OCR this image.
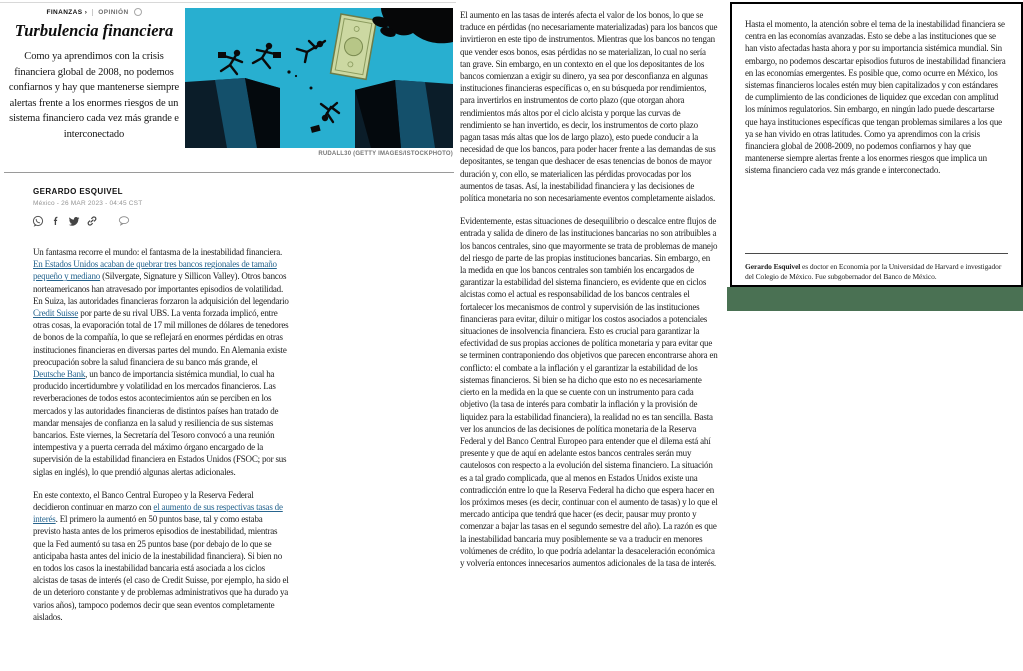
FINANZAS › OPINIÓN
Turbulencia financiera
Como ya aprendimos con la crisis financiera global de 2008, no podemos confiarnos y hay que mantenerse siempre alertas frente a los enormes riesgos de un sistema financiero cada vez más grande e interconectado
RUDALL30 (GETTY IMAGES/ISTOCKPHOTO)
GERARDO ESQUIVEL
México - 26 MAR 2023 - 04:45 CST

Un fantasma recorre el mundo: el fantasma de la inestabilidad financiera. En Estados Unidos acaban de quebrar tres bancos regionales de tamaño pequeño y mediano (Silvergate, Signature y Sillicon Valley). Otros bancos norteamericanos han atravesado por importantes episodios de volatilidad. En Suiza, las autoridades financieras forzaron la adquisición del legendario Credit Suisse por parte de su rival UBS. La venta forzada implicó, entre otras cosas, la evaporación total de 17 mil millones de dólares de tenedores de bonos de la compañía, lo que se reflejará en enormes pérdidas en otras instituciones financieras en diversas partes del mundo. En Alemania existe preocupación sobre la salud financiera de su banco más grande, el Deutsche Bank, un banco de importancia sistémica mundial, lo cual ha producido incertidumbre y volatilidad en los mercados financieros. Las reverberaciones de todos estos acontecimientos aún se perciben en los mercados y las autoridades financieras de distintos países han tratado de mandar mensajes de confianza en la salud y resiliencia de sus sistemas bancarios. Este viernes, la Secretaría del Tesoro convocó a una reunión intempestiva y a puerta cerrada del máximo órgano encargado de la supervisión de la estabilidad financiera en Estados Unidos (FSOC; por sus siglas en inglés), lo que prendió algunas alertas adicionales.

En este contexto, el Banco Central Europeo y la Reserva Federal decidieron continuar en marzo con el aumento de sus respectivas tasas de interés. El primero la aumentó en 50 puntos base, tal y como estaba previsto hasta antes de los primeros episodios de inestabilidad, mientras que la Fed aumentó su tasa en 25 puntos base (por debajo de lo que se anticipaba hasta antes del inicio de la inestabilidad financiera). Si bien no en todos los casos la inestabilidad bancaria está asociada a los ciclos alcistas de tasas de interés (el caso de Credit Suisse, por ejemplo, ha sido el de un deterioro constante y de problemas administrativos que ha durado ya varios años), tampoco podemos decir que sean eventos completamente aislados.

El aumento en las tasas de interés afecta el valor de los bonos, lo que se traduce en pérdidas (no necesariamente materializadas) para los bancos que invirtieron en este tipo de instrumentos. Mientras que los bancos no tengan que vender esos bonos, esas pérdidas no se materializan, lo cual no sería tan grave. Sin embargo, en un contexto en el que los depositantes de los bancos comienzan a exigir su dinero, ya sea por desconfianza en algunas instituciones financieras específicas o, en su búsqueda por rendimientos, para invertirlos en instrumentos de corto plazo (que otorgan ahora rendimientos más altos por el ciclo alcista y porque las curvas de rendimiento se han invertido, es decir, los instrumentos de corto plazo pagan tasas más altas que los de largo plazo), esto puede conducir a la necesidad de que los bancos, para poder hacer frente a las demandas de sus depositantes, se tengan que deshacer de esas tenencias de bonos de mayor duración y, con ello, se materialicen las pérdidas provocadas por los aumentos de tasas. Así, la inestabilidad financiera y las decisiones de política monetaria no son necesariamente eventos completamente aislados.

Evidentemente, estas situaciones de desequilibrio o descalce entre flujos de entrada y salida de dinero de las instituciones bancarias no son atribuibles a los bancos centrales, sino que mayormente se trata de problemas de manejo del riesgo de parte de las propias instituciones bancarias. Sin embargo, en la medida en que los bancos centrales son también los encargados de garantizar la estabilidad del sistema financiero, es evidente que en ciclos alcistas como el actual es responsabilidad de los bancos centrales el fortalecer los mecanismos de control y supervisión de las instituciones financieras para evitar, diluir o mitigar los costos asociados a potenciales situaciones de insolvencia financiera. Esto es crucial para garantizar la efectividad de sus propias acciones de política monetaria y para evitar que se terminen contraponiendo dos objetivos que parecen encontrarse ahora en conflicto: el combate a la inflación y el garantizar la estabilidad de los sistemas financieros. Si bien se ha dicho que esto no es necesariamente cierto en la medida en la que se cuente con un instrumento para cada objetivo (la tasa de interés para combatir la inflación y la provisión de liquidez para la estabilidad financiera), la realidad no es tan sencilla. Basta ver los anuncios de las decisiones de política monetaria de la Reserva Federal y del Banco Central Europeo para entender que el dilema está ahí presente y que de aquí en adelante estos bancos centrales serán muy cautelosos con respecto a la evolución del sistema financiero. La situación es a tal grado complicada, que al menos en Estados Unidos existe una contradicción entre lo que la Reserva Federal ha dicho que espera hacer en los próximos meses (es decir, continuar con el aumento de tasas) y lo que el mercado anticipa que tendrá que hacer (es decir, pausar muy pronto y comenzar a bajar las tasas en el segundo semestre del año). La razón es que la inestabilidad bancaria muy posiblemente se va a traducir en menores volúmenes de crédito, lo que podría adelantar la desaceleración económica y volvería entonces innecesarios aumentos adicionales de la tasa de interés.

Hasta el momento, la atención sobre el tema de la inestabilidad financiera se centra en las economías avanzadas. Esto se debe a las instituciones que se han visto afectadas hasta ahora y por su importancia sistémica mundial. Sin embargo, no podemos descartar episodios futuros de inestabilidad financiera en las economías emergentes. Es posible que, como ocurre en México, los sistemas financieros locales estén muy bien capitalizados y con estándares de cumplimiento de las condiciones de liquidez que excedan con amplitud los mínimos regulatorios. Sin embargo, en ningún lado puede descartarse que haya instituciones específicas que tengan problemas similares a los que ya se han vivido en otras latitudes. Como ya aprendimos con la crisis financiera global de 2008-2009, no podemos confiarnos y hay que mantenerse siempre alertas frente a los enormes riesgos que implica un sistema financiero cada vez más grande e interconectado.

Gerardo Esquivel es doctor en Economía por la Universidad de Harvard e investigador del Colegio de México. Fue subgobernador del Banco de México.
